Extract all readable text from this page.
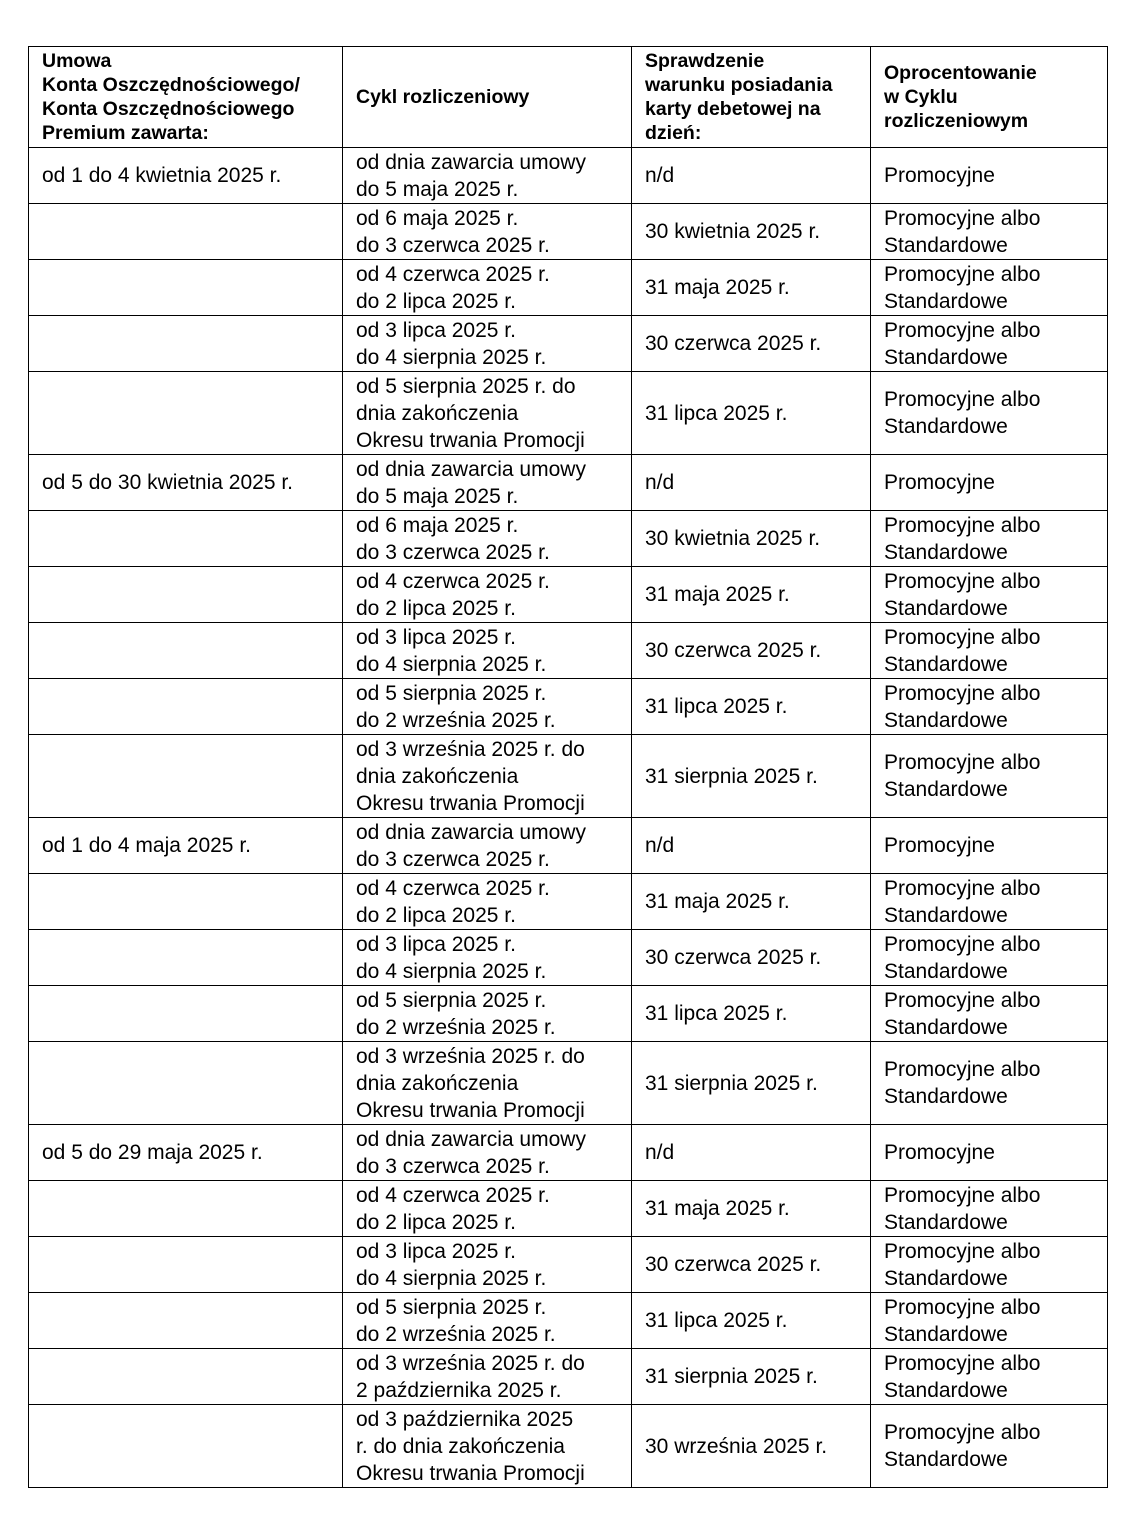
Umowa
Konta Oszczędnościowego/
Konta Oszczędnościowego
Premium zawarta:	Cykl rozliczeniowy	Sprawdzenie
warunku posiadania
karty debetowej na
dzień:	Oprocentowanie
w Cyklu
rozliczeniowym

od 1 do 4 kwietnia 2025 r.	od dnia zawarcia umowy
do 5 maja 2025 r.	n/d	Promocyjne

	od 6 maja 2025 r.
do 3 czerwca 2025 r.	30 kwietnia 2025 r.	Promocyjne albo
Standardowe

	od 4 czerwca 2025 r.
do 2 lipca 2025 r.	31 maja 2025 r.	Promocyjne albo
Standardowe

	od 3 lipca 2025 r.
do 4 sierpnia 2025 r.	30 czerwca 2025 r.	Promocyjne albo
Standardowe

	od 5 sierpnia 2025 r. do
dnia zakończenia
Okresu trwania Promocji	31 lipca 2025 r.	Promocyjne albo
Standardowe

od 5 do 30 kwietnia 2025 r.	od dnia zawarcia umowy
do 5 maja 2025 r.	n/d	Promocyjne

	od 6 maja 2025 r.
do 3 czerwca 2025 r.	30 kwietnia 2025 r.	Promocyjne albo
Standardowe

	od 4 czerwca 2025 r.
do 2 lipca 2025 r.	31 maja 2025 r.	Promocyjne albo
Standardowe

	od 3 lipca 2025 r.
do 4 sierpnia 2025 r.	30 czerwca 2025 r.	Promocyjne albo
Standardowe

	od 5 sierpnia 2025 r.
do 2 września 2025 r.	31 lipca 2025 r.	Promocyjne albo
Standardowe

	od 3 września 2025 r. do
dnia zakończenia
Okresu trwania Promocji	31 sierpnia 2025 r.	Promocyjne albo
Standardowe

od 1 do 4 maja 2025 r.	od dnia zawarcia umowy
do 3 czerwca 2025 r.	n/d	Promocyjne

	od 4 czerwca 2025 r.
do 2 lipca 2025 r.	31 maja 2025 r.	Promocyjne albo
Standardowe

	od 3 lipca 2025 r.
do 4 sierpnia 2025 r.	30 czerwca 2025 r.	Promocyjne albo
Standardowe

	od 5 sierpnia 2025 r.
do 2 września 2025 r.	31 lipca 2025 r.	Promocyjne albo
Standardowe

	od 3 września 2025 r. do
dnia zakończenia
Okresu trwania Promocji	31 sierpnia 2025 r.	Promocyjne albo
Standardowe

od 5 do 29 maja 2025 r.	od dnia zawarcia umowy
do 3 czerwca 2025 r.	n/d	Promocyjne

	od 4 czerwca 2025 r.
do 2 lipca 2025 r.	31 maja 2025 r.	Promocyjne albo
Standardowe

	od 3 lipca 2025 r.
do 4 sierpnia 2025 r.	30 czerwca 2025 r.	Promocyjne albo
Standardowe

	od 5 sierpnia 2025 r.
do 2 września 2025 r.	31 lipca 2025 r.	Promocyjne albo
Standardowe

	od 3 września 2025 r. do
2 października 2025 r.	31 sierpnia 2025 r.	Promocyjne albo
Standardowe

	od 3 października 2025
r. do dnia zakończenia
Okresu trwania Promocji	30 września 2025 r.	Promocyjne albo
Standardowe
